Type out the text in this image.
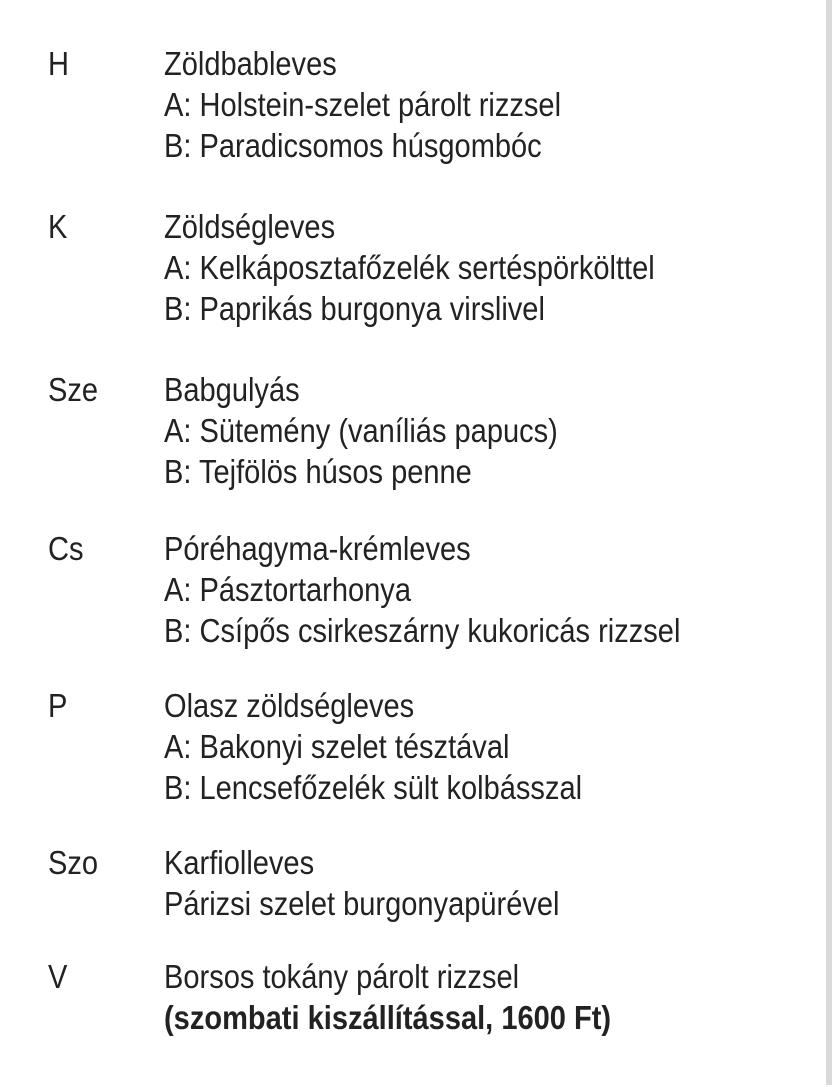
H	Zöldbableves
A: Holstein-szelet párolt rizzsel
B: Paradicsomos húsgombóc
K	Zöldségleves
A: Kelkáposztafőzelék sertéspörkölttel
B: Paprikás burgonya virslivel
Sze Babgulyás
A: Sütemény (vaníliás papucs)
B: Tejfölös húsos penne
Cs Póréhagyma-krémleves
A: Pásztortarhonya
B: Csípős csirkeszárny kukoricás rizzsel
P	Olasz zöldségleves
A: Bakonyi szelet tésztával
B: Lencsefőzelék sült kolbásszal
Szo Karfiolleves
Párizsi szelet burgonyapürével
V	Borsos tokány párolt rizzsel
(szombati kiszállítással, 1600 Ft)
